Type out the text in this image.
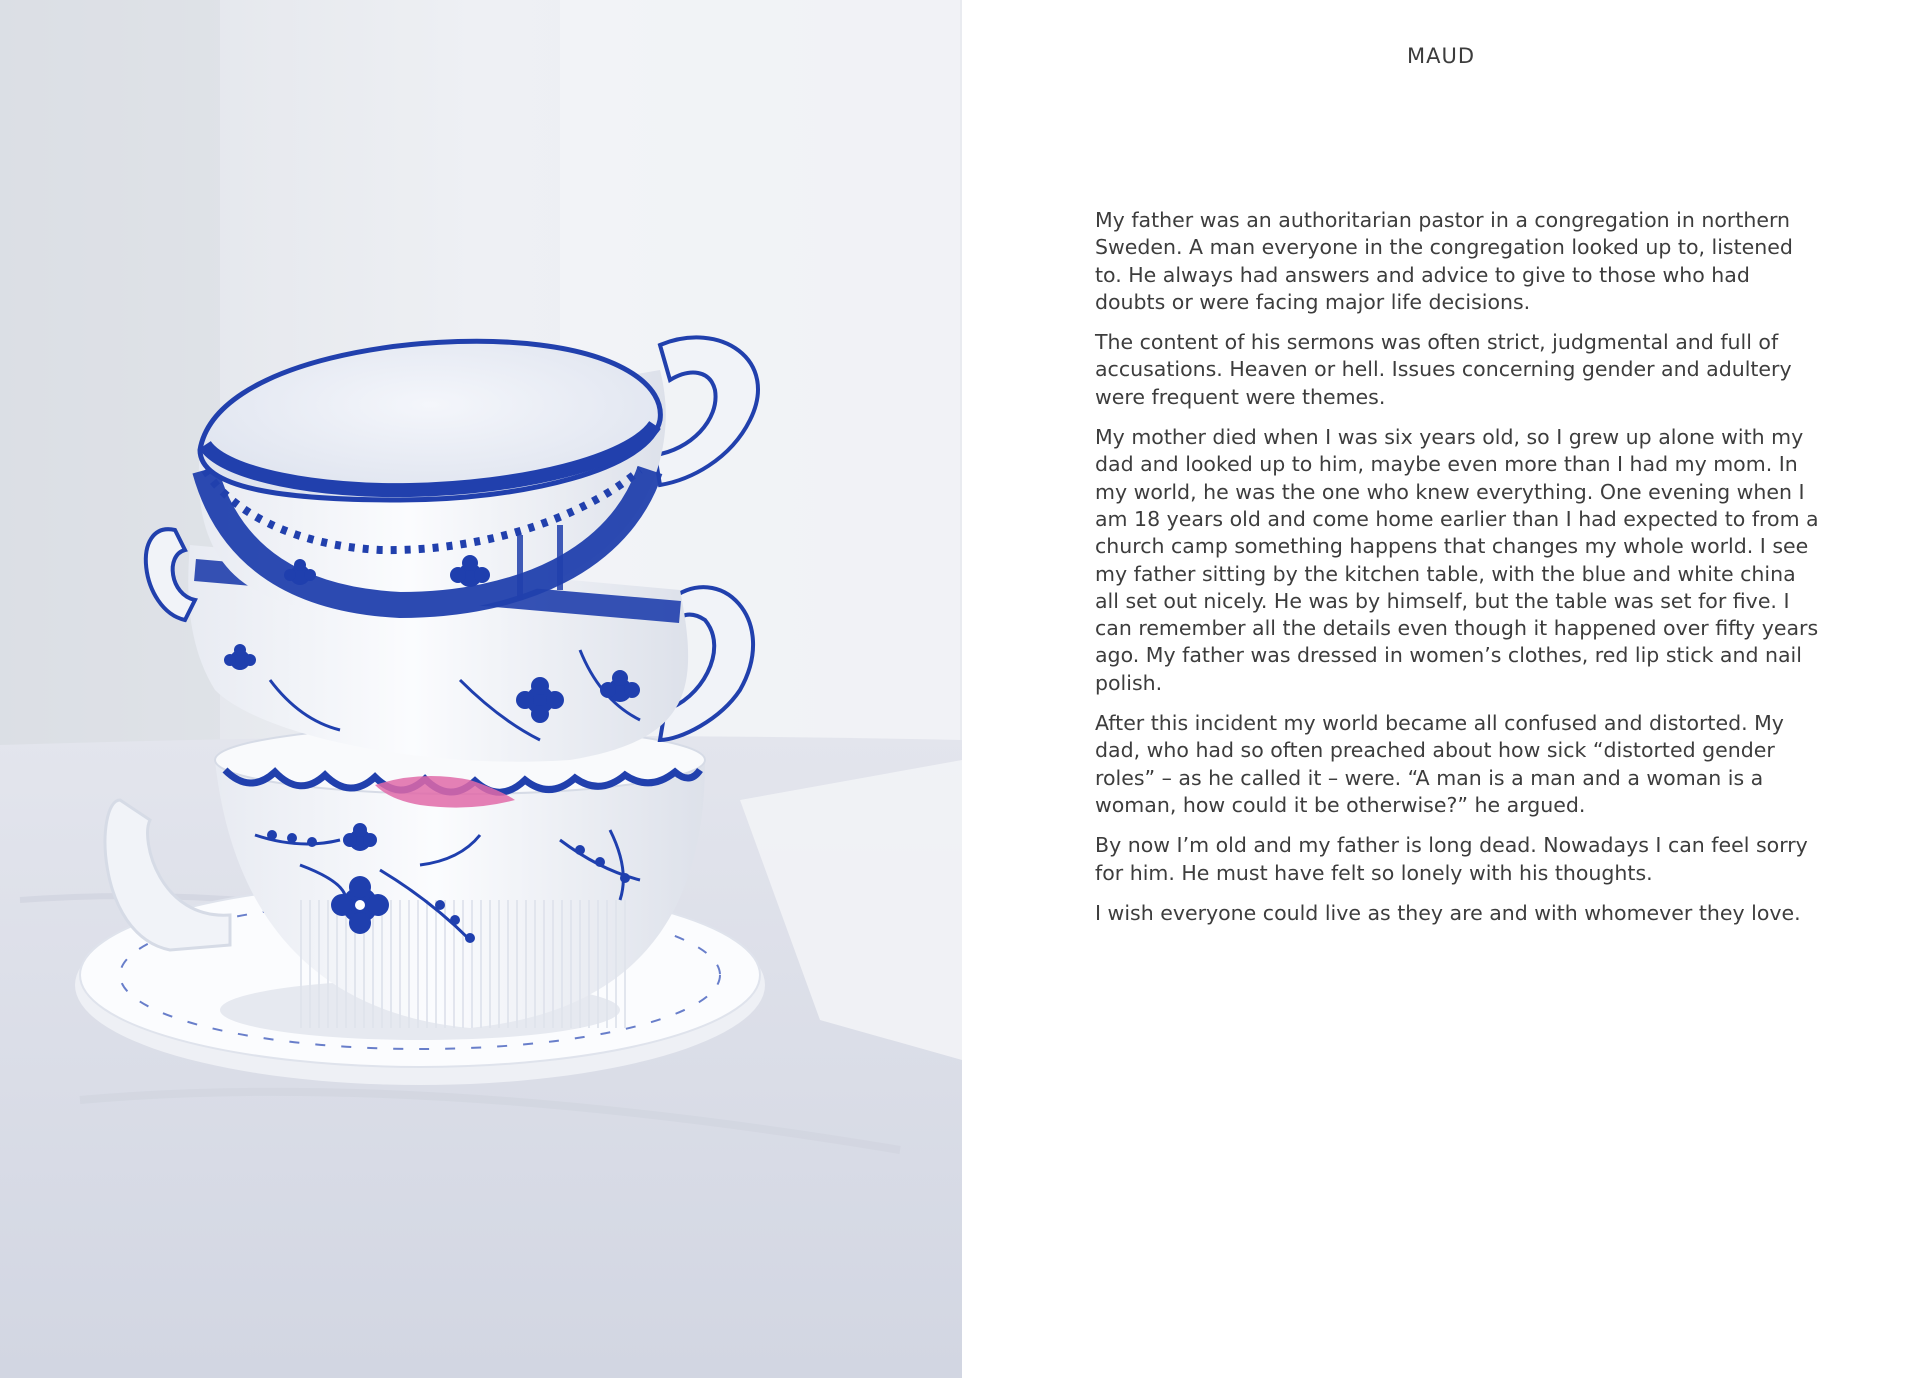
MAUD

My father was an authoritarian pastor in a congregation in northern Sweden. A man everyone in the congregation looked up to, listened to. He always had answers and advice to give to those who had doubts or were facing major life decisions.

The content of his sermons was often strict, judgmental and full of accusations. Heaven or hell. Issues concerning gender and adultery were frequent were themes.

My mother died when I was six years old, so I grew up alone with my dad and looked up to him, maybe even more than I had my mom. In my world, he was the one who knew everything. One evening when I am 18 years old and come home earlier than I had expected to from a church camp something happens that changes my whole world. I see my father sitting by the kitchen table, with the blue and white china all set out nicely. He was by himself, but the table was set for five. I can remember all the details even though it happened over fifty years ago. My father was dressed in women’s clothes, red lip stick and nail polish.

After this incident my world became all confused and distorted. My dad, who had so often preached about how sick “distorted gender roles” – as he called it – were. “A man is a man and a woman is a woman, how could it be otherwise?” he argued.

By now I’m old and my father is long dead. Nowadays I can feel sorry for him. He must have felt so lonely with his thoughts.

I wish everyone could live as they are and with whomever they love.
